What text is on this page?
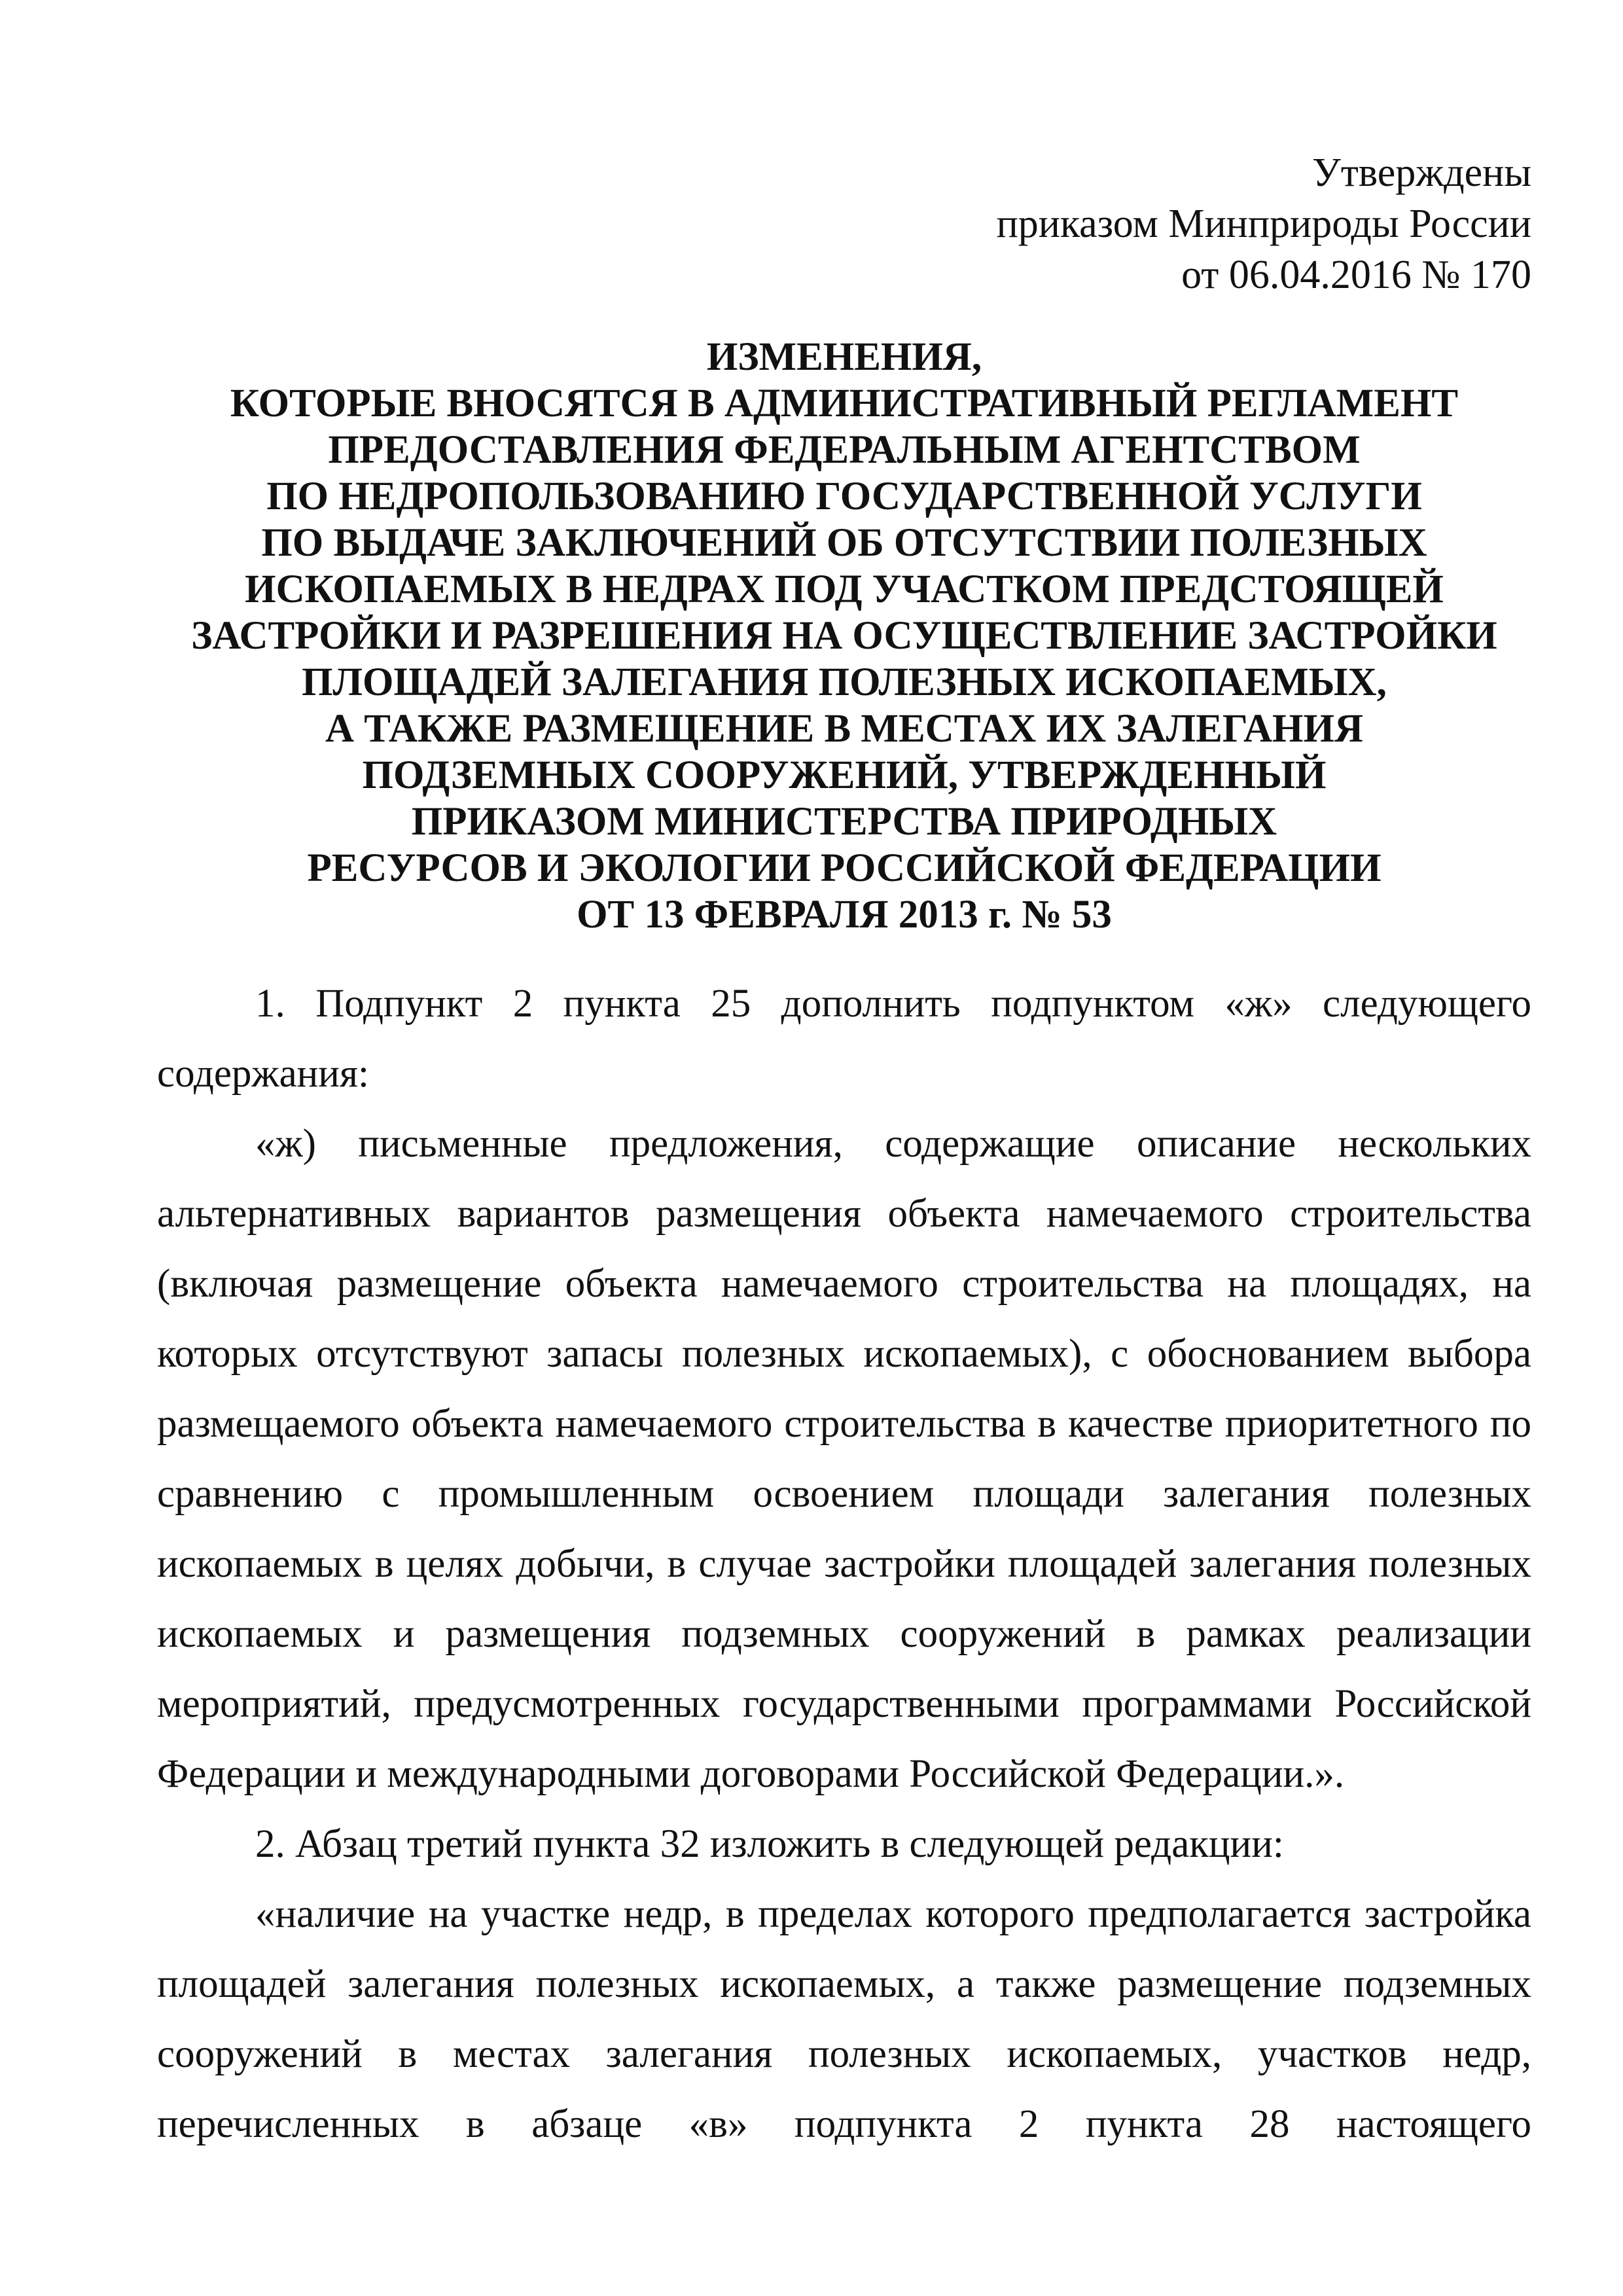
Утверждены
приказом Минприроды России
от 06.04.2016 № 170
ИЗМЕНЕНИЯ,
КОТОРЫЕ ВНОСЯТСЯ В АДМИНИСТРАТИВНЫЙ РЕГЛАМЕНТ
ПРЕДОСТАВЛЕНИЯ ФЕДЕРАЛЬНЫМ АГЕНТСТВОМ
ПО НЕДРОПОЛЬЗОВАНИЮ ГОСУДАРСТВЕННОЙ УСЛУГИ
ПО ВЫДАЧЕ ЗАКЛЮЧЕНИЙ ОБ ОТСУТСТВИИ ПОЛЕЗНЫХ
ИСКОПАЕМЫХ В НЕДРАХ ПОД УЧАСТКОМ ПРЕДСТОЯЩЕЙ
ЗАСТРОЙКИ И РАЗРЕШЕНИЯ НА ОСУЩЕСТВЛЕНИЕ ЗАСТРОЙКИ
ПЛОЩАДЕЙ ЗАЛЕГАНИЯ ПОЛЕЗНЫХ ИСКОПАЕМЫХ,
А ТАКЖЕ РАЗМЕЩЕНИЕ В МЕСТАХ ИХ ЗАЛЕГАНИЯ
ПОДЗЕМНЫХ СООРУЖЕНИЙ, УТВЕРЖДЕННЫЙ
ПРИКАЗОМ МИНИСТЕРСТВА ПРИРОДНЫХ
РЕСУРСОВ И ЭКОЛОГИИ РОССИЙСКОЙ ФЕДЕРАЦИИ
ОТ 13 ФЕВРАЛЯ 2013 г. № 53

1. Подпункт 2 пункта 25 дополнить подпунктом «ж» следующего содержания:

«ж) письменные предложения, содержащие описание нескольких альтернативных вариантов размещения объекта намечаемого строительства (включая размещение объекта намечаемого строительства на площадях, на которых отсутствуют запасы полезных ископаемых), с обоснованием выбора размещаемого объекта намечаемого строительства в качестве приоритетного по сравнению с промышленным освоением площади залегания полезных ископаемых в целях добычи, в случае застройки площадей залегания полезных ископаемых и размещения подземных сооружений в рамках реализации мероприятий, предусмотренных государственными программами Российской Федерации и международными договорами Российской Федерации.».

2. Абзац третий пункта 32 изложить в следующей редакции:

«наличие на участке недр, в пределах которого предполагается застройка площадей залегания полезных ископаемых, а также размещение подземных сооружений в местах залегания полезных ископаемых, участков недр, перечисленных в абзаце «в» подпункта 2 пункта 28 настоящего
